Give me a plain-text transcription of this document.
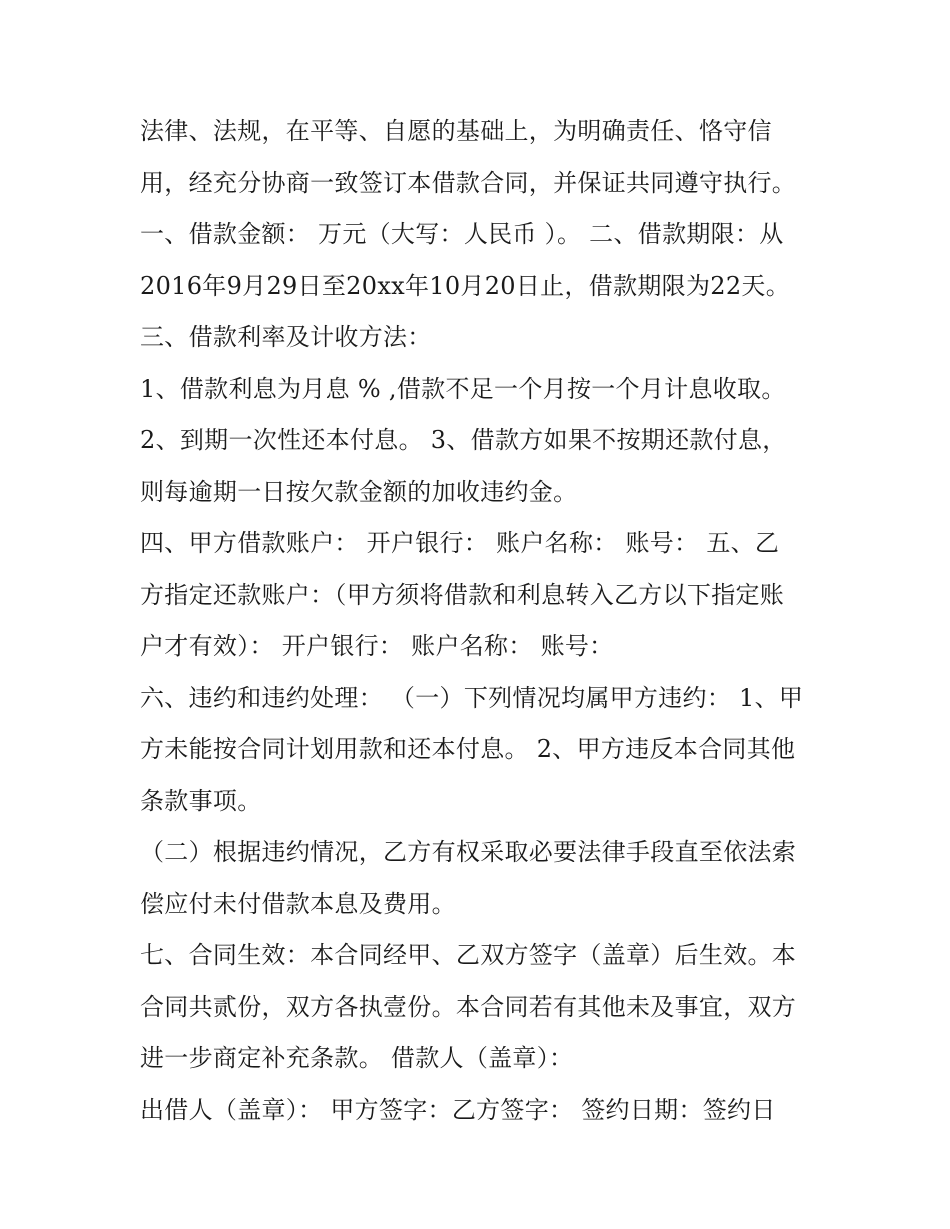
法律、法规，在平等、自愿的基础上，为明确责任、恪守信
用，经充分协商一致签订本借款合同，并保证共同遵守执行。
一、借款金额： 万元（大写：人民币 ）。 二、借款期限：从
2016年9月29日至20xx年10月20日止，借款期限为22天。
三、借款利率及计收方法：
1、借款利息为月息 % ,借款不足一个月按一个月计息收取。
2、到期一次性还本付息。 3、借款方如果不按期还款付息，
则每逾期一日按欠款金额的加收违约金。
四、甲方借款账户： 开户银行： 账户名称： 账号： 五、乙
方指定还款账户：（甲方须将借款和利息转入乙方以下指定账
户才有效）： 开户银行： 账户名称： 账号：
六、违约和违约处理： （一）下列情况均属甲方违约： 1、甲
方未能按合同计划用款和还本付息。 2、甲方违反本合同其他
条款事项。
（二）根据违约情况，乙方有权采取必要法律手段直至依法索
偿应付未付借款本息及费用。
七、合同生效：本合同经甲、乙双方签字（盖章）后生效。本
合同共贰份，双方各执壹份。本合同若有其他未及事宜，双方
进一步商定补充条款。 借款人（盖章）：
出借人（盖章）： 甲方签字：乙方签字： 签约日期：签约日
